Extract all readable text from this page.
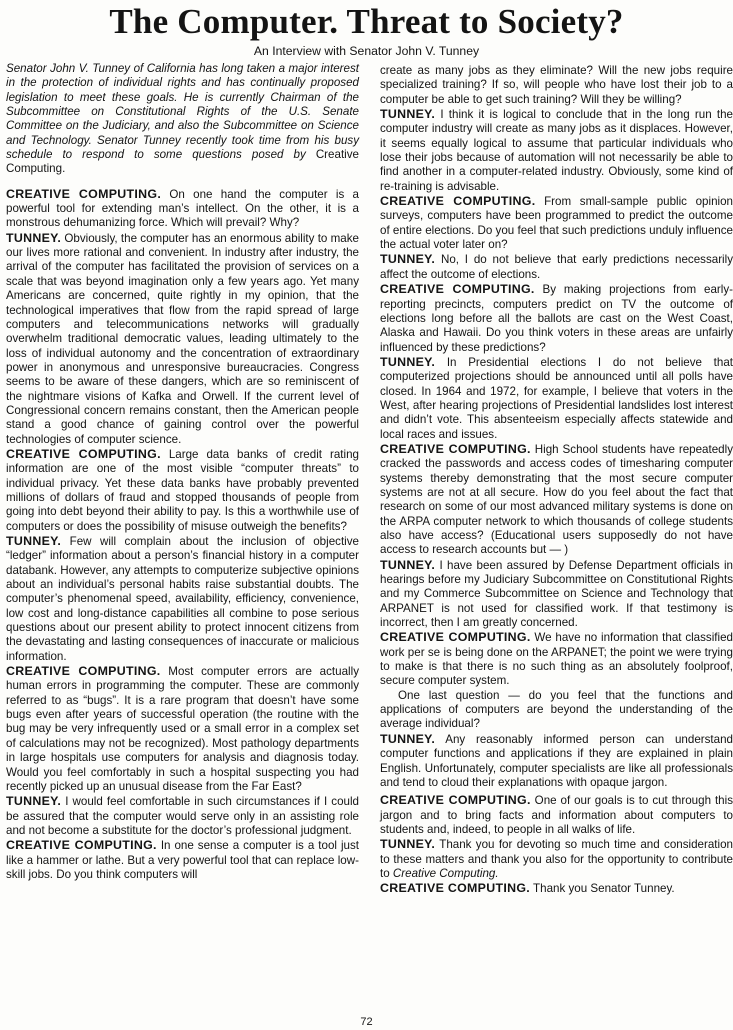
The Computer. Threat to Society?

An Interview with Senator John V. Tunney

Senator John V. Tunney of California has long taken a major interest in the protection of individual rights and has continually proposed legislation to meet these goals. He is currently Chairman of the Subcommittee on Constitutional Rights of the U.S. Senate Committee on the Judiciary, and also the Subcommittee on Science and Technology. Senator Tunney recently took time from his busy schedule to respond to some questions posed by Creative Computing.

CREATIVE COMPUTING. On one hand the computer is a powerful tool for extending man’s intellect. On the other, it is a monstrous dehumanizing force. Which will prevail? Why?

TUNNEY. Obviously, the computer has an enormous ability to make our lives more rational and convenient. In industry after industry, the arrival of the computer has facilitated the provision of services on a scale that was beyond imagination only a few years ago. Yet many Americans are concerned, quite rightly in my opinion, that the technological imperatives that flow from the rapid spread of large computers and telecommunications networks will gradually overwhelm traditional democratic values, leading ultimately to the loss of individual autonomy and the concentration of extraordinary power in anonymous and unresponsive bureaucracies. Congress seems to be aware of these dangers, which are so reminiscent of the nightmare visions of Kafka and Orwell. If the current level of Congressional concern remains constant, then the American people stand a good chance of gaining control over the powerful technologies of computer science.

CREATIVE COMPUTING. Large data banks of credit rating information are one of the most visible “computer threats” to individual privacy. Yet these data banks have probably prevented millions of dollars of fraud and stopped thousands of people from going into debt beyond their ability to pay. Is this a worthwhile use of computers or does the possibility of misuse outweigh the benefits?

TUNNEY. Few will complain about the inclusion of objective “ledger” information about a person’s financial history in a computer databank. However, any attempts to computerize subjective opinions about an individual’s personal habits raise substantial doubts. The computer’s phenomenal speed, availability, efficiency, convenience, low cost and long-distance capabilities all combine to pose serious questions about our present ability to protect innocent citizens from the devastating and lasting consequences of inaccurate or malicious information.

CREATIVE COMPUTING. Most computer errors are actually human errors in programming the computer. These are commonly referred to as “bugs”. It is a rare program that doesn’t have some bugs even after years of successful operation (the routine with the bug may be very infrequently used or a small error in a complex set of calculations may not be recognized). Most pathology departments in large hospitals use computers for analysis and diagnosis today. Would you feel comfortably in such a hospital suspecting you had recently picked up an unusual disease from the Far East?

TUNNEY. I would feel comfortable in such circumstances if I could be assured that the computer would serve only in an assisting role and not become a substitute for the doctor’s professional judgment.

CREATIVE COMPUTING. In one sense a computer is a tool just like a hammer or lathe. But a very powerful tool that can replace low-skill jobs. Do you think computers will

create as many jobs as they eliminate? Will the new jobs require specialized training? If so, will people who have lost their job to a computer be able to get such training? Will they be willing?

TUNNEY. I think it is logical to conclude that in the long run the computer industry will create as many jobs as it displaces. However, it seems equally logical to assume that particular individuals who lose their jobs because of automation will not necessarily be able to find another in a computer-related industry. Obviously, some kind of re-training is advisable.

CREATIVE COMPUTING. From small-sample public opinion surveys, computers have been programmed to predict the outcome of entire elections. Do you feel that such predictions unduly influence the actual voter later on?

TUNNEY. No, I do not believe that early predictions necessarily affect the outcome of elections.

CREATIVE COMPUTING. By making projections from early-reporting precincts, computers predict on TV the outcome of elections long before all the ballots are cast on the West Coast, Alaska and Hawaii. Do you think voters in these areas are unfairly influenced by these predictions?

TUNNEY. In Presidential elections I do not believe that computerized projections should be announced until all polls have closed. In 1964 and 1972, for example, I believe that voters in the West, after hearing projections of Presidential landslides lost interest and didn’t vote. This absenteeism especially affects statewide and local races and issues.

CREATIVE COMPUTING. High School students have repeatedly cracked the passwords and access codes of timesharing computer systems thereby demonstrating that the most secure computer systems are not at all secure. How do you feel about the fact that research on some of our most advanced military systems is done on the ARPA computer network to which thousands of college students also have access? (Educational users supposedly do not have access to research accounts but — )

TUNNEY. I have been assured by Defense Department officials in hearings before my Judiciary Subcommittee on Constitutional Rights and my Commerce Subcommittee on Science and Technology that ARPANET is not used for classified work. If that testimony is incorrect, then I am greatly concerned.

CREATIVE COMPUTING. We have no information that classified work per se is being done on the ARPANET; the point we were trying to make is that there is no such thing as an absolutely foolproof, secure computer system.

One last question — do you feel that the functions and applications of computers are beyond the understanding of the average individual?

TUNNEY. Any reasonably informed person can understand computer functions and applications if they are explained in plain English. Unfortunately, computer specialists are like all professionals and tend to cloud their explanations with opaque jargon.

CREATIVE COMPUTING. One of our goals is to cut through this jargon and to bring facts and information about computers to students and, indeed, to people in all walks of life.

TUNNEY. Thank you for devoting so much time and consideration to these matters and thank you also for the opportunity to contribute to Creative Computing.

CREATIVE COMPUTING. Thank you Senator Tunney.

72
